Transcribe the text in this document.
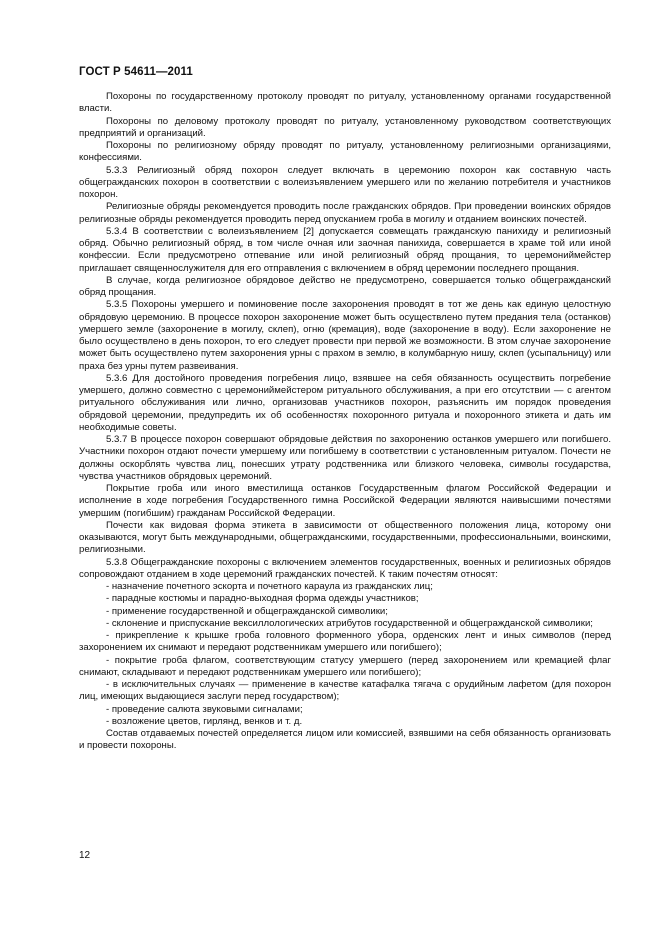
ГОСТ Р 54611—2011

Похороны по государственному протоколу проводят по ритуалу, установленному органами государственной власти.

Похороны по деловому протоколу проводят по ритуалу, установленному руководством соответствующих предприятий и организаций.

Похороны по религиозному обряду проводят по ритуалу, установленному религиозными организациями, конфессиями.

5.3.3 Религиозный обряд похорон следует включать в церемонию похорон как составную часть общегражданских похорон в соответствии с волеизъявлением умершего или по желанию потребителя и участников похорон.

Религиозные обряды рекомендуется проводить после гражданских обрядов. При проведении воинских обрядов религиозные обряды рекомендуется проводить перед опусканием гроба в могилу и отданием воинских почестей.

5.3.4 В соответствии с волеизъявлением [2] допускается совмещать гражданскую панихиду и религиозный обряд. Обычно религиозный обряд, в том числе очная или заочная панихида, совершается в храме той или иной конфессии. Если предусмотрено отпевание или иной религиозный обряд прощания, то церемониймейстер приглашает священнослужителя для его отправления с включением в обряд церемонии последнего прощания.

В случае, когда религиозное обрядовое действо не предусмотрено, совершается только общегражданский обряд прощания.

5.3.5 Похороны умершего и поминовение после захоронения проводят в тот же день как единую целостную обрядовую церемонию. В процессе похорон захоронение может быть осуществлено путем предания тела (останков) умершего земле (захоронение в могилу, склеп), огню (кремация), воде (захоронение в воду). Если захоронение не было осуществлено в день похорон, то его следует провести при первой же возможности. В этом случае захоронение может быть осуществлено путем захоронения урны с прахом в землю, в колумбарную нишу, склеп (усыпальницу) или праха без урны путем развеивания.

5.3.6 Для достойного проведения погребения лицо, взявшее на себя обязанность осуществить погребение умершего, должно совместно с церемониймейстером ритуального обслуживания, а при его отсутствии — с агентом ритуального обслуживания или лично, организовав участников похорон, разъяснить им порядок проведения обрядовой церемонии, предупредить их об особенностях похоронного ритуала и похоронного этикета и дать им необходимые советы.

5.3.7 В процессе похорон совершают обрядовые действия по захоронению останков умершего или погибшего. Участники похорон отдают почести умершему или погибшему в соответствии с установленным ритуалом. Почести не должны оскорблять чувства лиц, понесших утрату родственника или близкого человека, символы государства, чувства участников обрядовых церемоний.

Покрытие гроба или иного вместилища останков Государственным флагом Российской Федерации и исполнение в ходе погребения Государственного гимна Российской Федерации являются наивысшими почестями умершим (погибшим) гражданам Российской Федерации.

Почести как видовая форма этикета в зависимости от общественного положения лица, которому они оказываются, могут быть международными, общегражданскими, государственными, профессиональными, воинскими, религиозными.

5.3.8 Общегражданские похороны с включением элементов государственных, военных и религиозных обрядов сопровождают отданием в ходе церемоний гражданских почестей. К таким почестям относят:

- назначение почетного эскорта и почетного караула из гражданских лиц;

- парадные костюмы и парадно-выходная форма одежды участников;

- применение государственной и общегражданской символики;

- склонение и приспускание вексиллологических атрибутов государственной и общегражданской символики;

- прикрепление к крышке гроба головного форменного убора, орденских лент и иных символов (перед захоронением их снимают и передают родственникам умершего или погибшего);

- покрытие гроба флагом, соответствующим статусу умершего (перед захоронением или кремацией флаг снимают, складывают и передают родственникам умершего или погибшего);

- в исключительных случаях — применение в качестве катафалка тягача с орудийным лафетом (для похорон лиц, имеющих выдающиеся заслуги перед государством);

- проведение салюта звуковыми сигналами;

- возложение цветов, гирлянд, венков и т. д.

Состав отдаваемых почестей определяется лицом или комиссией, взявшими на себя обязанность организовать и провести похороны.

12
